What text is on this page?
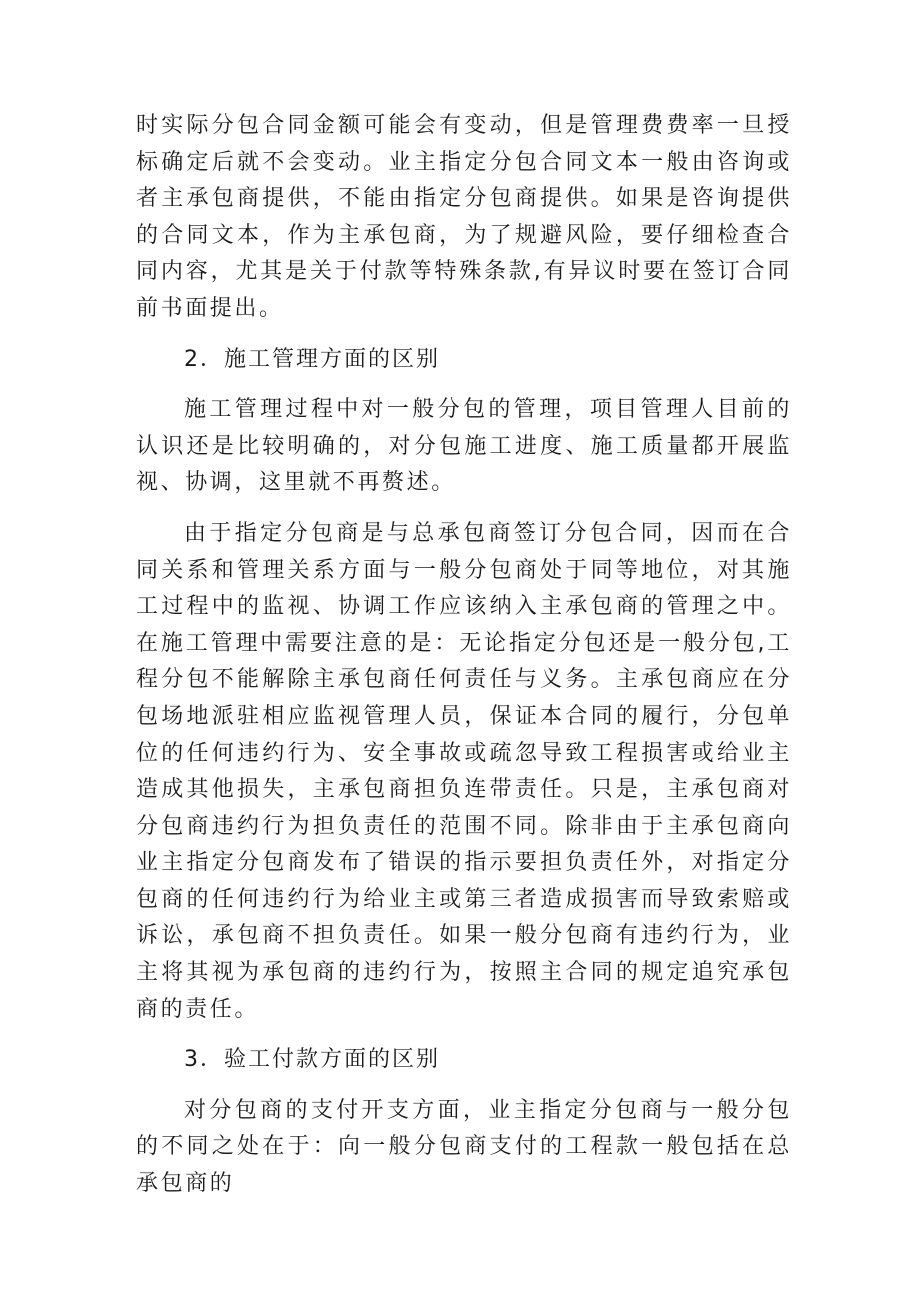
时实际分包合同金额可能会有变动，但是管理费费率一旦授标确定后就不会变动。业主指定分包合同文本一般由咨询或者主承包商提供，不能由指定分包商提供。如果是咨询提供的合同文本，作为主承包商，为了规避风险，要仔细检查合同内容，尤其是关于付款等特殊条款,有异议时要在签订合同前书面提出。

2．施工管理方面的区别

施工管理过程中对一般分包的管理，项目管理人目前的认识还是比较明确的，对分包施工进度、施工质量都开展监视、协调，这里就不再赘述。

由于指定分包商是与总承包商签订分包合同，因而在合同关系和管理关系方面与一般分包商处于同等地位，对其施工过程中的监视、协调工作应该纳入主承包商的管理之中。在施工管理中需要注意的是：无论指定分包还是一般分包,工程分包不能解除主承包商任何责任与义务。主承包商应在分包场地派驻相应监视管理人员，保证本合同的履行，分包单位的任何违约行为、安全事故或疏忽导致工程损害或给业主造成其他损失，主承包商担负连带责任。只是，主承包商对分包商违约行为担负责任的范围不同。除非由于主承包商向业主指定分包商发布了错误的指示要担负责任外，对指定分包商的任何违约行为给业主或第三者造成损害而导致索赔或诉讼，承包商不担负责任。如果一般分包商有违约行为，业主将其视为承包商的违约行为，按照主合同的规定追究承包商的责任。

3．验工付款方面的区别

对分包商的支付开支方面，业主指定分包商与一般分包的不同之处在于：向一般分包商支付的工程款一般包括在总承包商的
